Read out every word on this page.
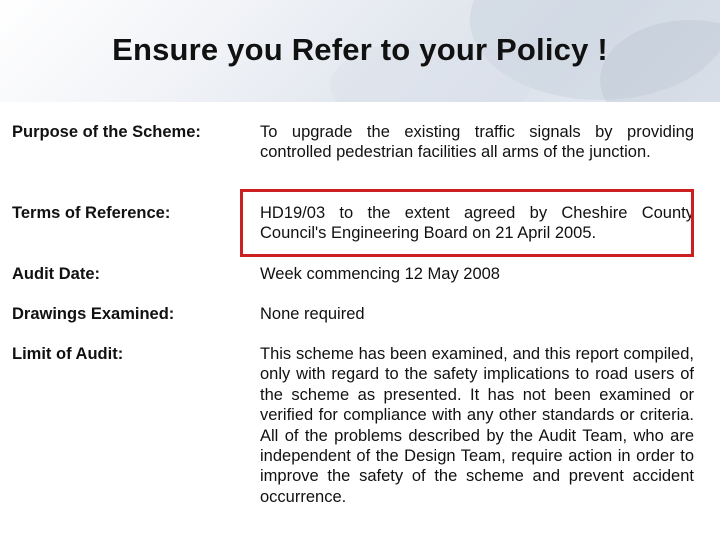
Ensure you Refer to your Policy !
Purpose of the Scheme:	To upgrade the existing traffic signals by providing controlled pedestrian facilities all arms of the junction.
Terms of Reference:	HD19/03 to the extent agreed by Cheshire County Council's Engineering Board on 21 April 2005.
Audit Date:	Week commencing 12 May 2008
Drawings Examined:	None required
Limit of Audit:	This scheme has been examined, and this report compiled, only with regard to the safety implications to road users of the scheme as presented. It has not been examined or verified for compliance with any other standards or criteria. All of the problems described by the Audit Team, who are independent of the Design Team, require action in order to improve the safety of the scheme and prevent accident occurrence.
